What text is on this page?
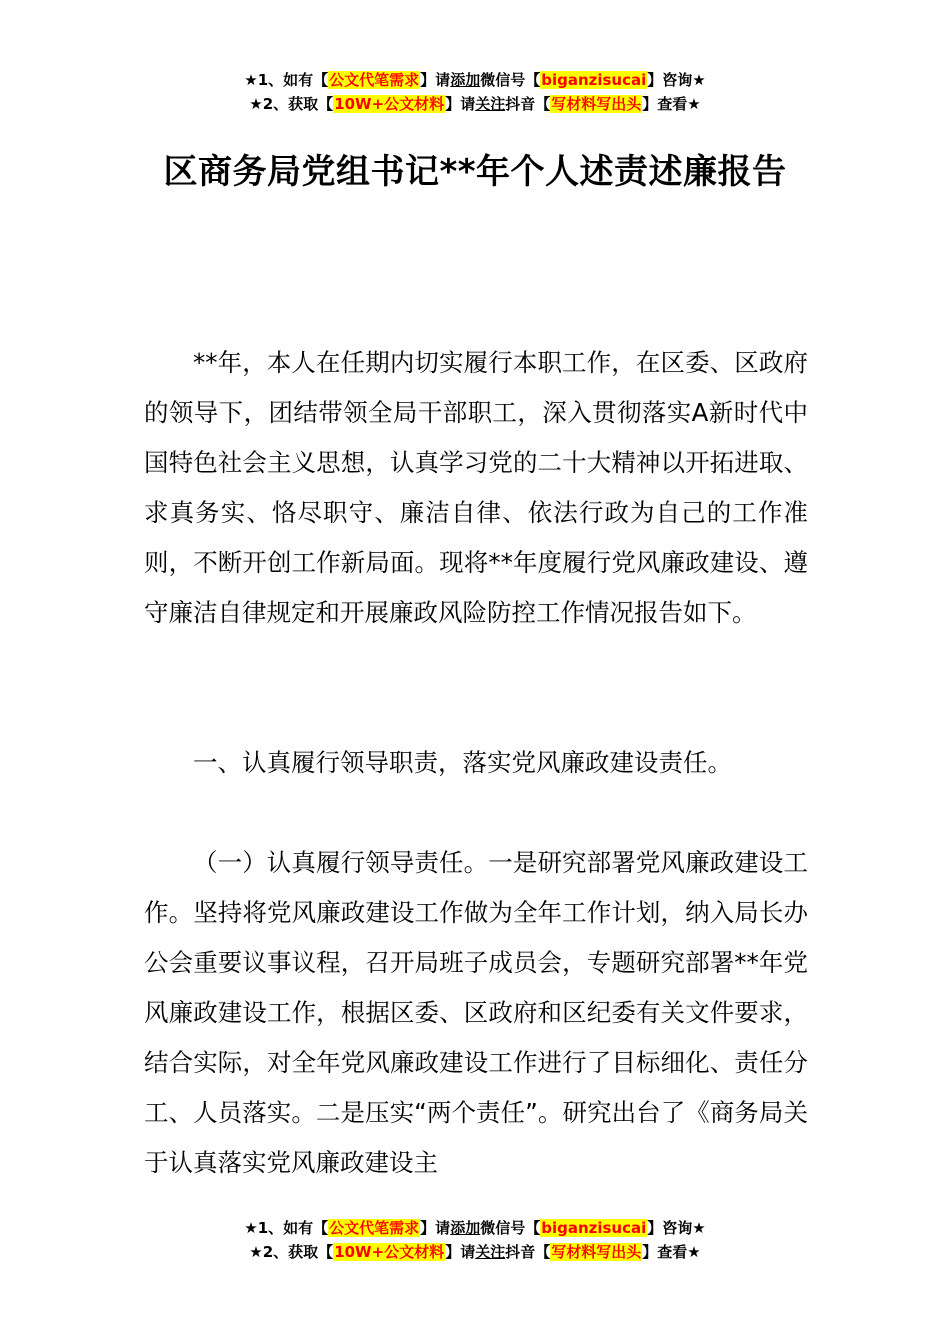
★1、如有【公文代笔需求】请添加微信号【biganzisucai】咨询★
★2、获取【10W+公文材料】请关注抖音【写材料写出头】查看★
区商务局党组书记**年个人述责述廉报告

**年，本人在任期内切实履行本职工作，在区委、区政府的领导下，团结带领全局干部职工，深入贯彻落实A新时代中国特色社会主义思想，认真学习党的二十大精神以开拓进取、求真务实、恪尽职守、廉洁自律、依法行政为自己的工作准则，不断开创工作新局面。现将**年度履行党风廉政建设、遵守廉洁自律规定和开展廉政风险防控工作情况报告如下。

一、认真履行领导职责，落实党风廉政建设责任。

（一）认真履行领导责任。一是研究部署党风廉政建设工作。坚持将党风廉政建设工作做为全年工作计划，纳入局长办公会重要议事议程，召开局班子成员会，专题研究部署**年党风廉政建设工作，根据区委、区政府和区纪委有关文件要求，结合实际，对全年党风廉政建设工作进行了目标细化、责任分工、人员落实。二是压实“两个责任”。研究出台了《商务局关于认真落实党风廉政建设主

★1、如有【公文代笔需求】请添加微信号【biganzisucai】咨询★
★2、获取【10W+公文材料】请关注抖音【写材料写出头】查看★
